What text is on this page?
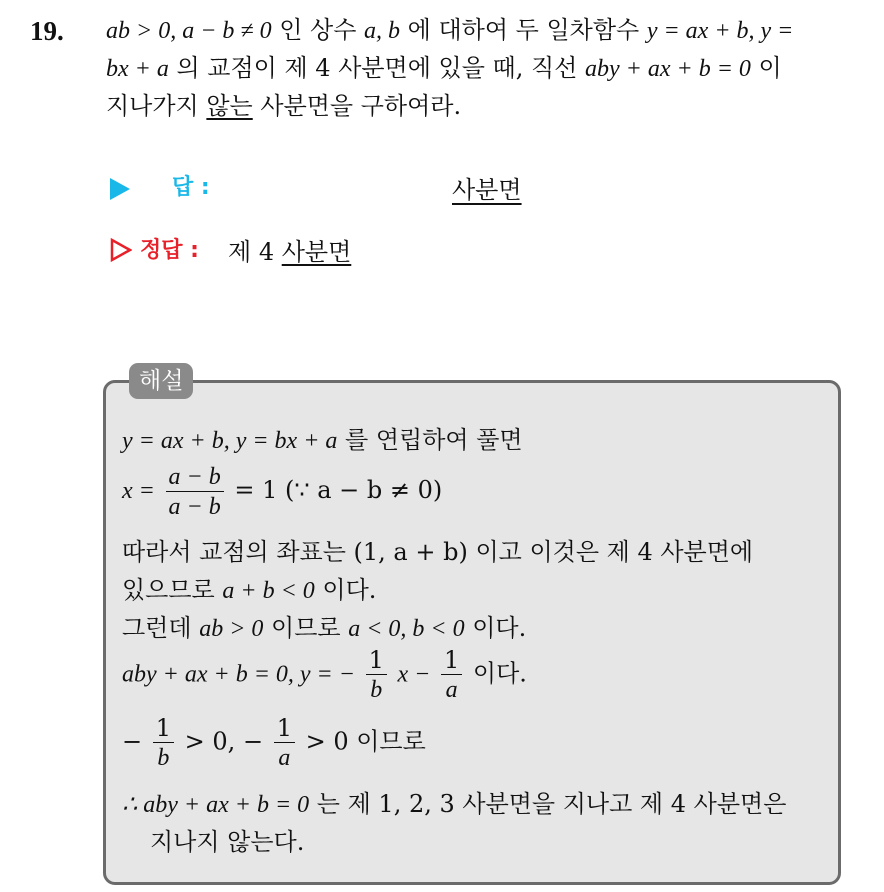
19. ab > 0, a − b ≠ 0 인 상수 a, b 에 대하여 두 일차함수 y = ax + b, y =
bx + a 의 교점이 제 4 사분면에 있을 때, 직선 aby + ax + b = 0 이
지나가지 않는 사분면을 구하여라.
답 :	사분면
정답 : 제 4 사분면
해설
y = ax + b, y = bx + a 를 연립하여 풀면
$x = \frac{a - b}{a - b} = 1$ (∵ a − b ≠ 0)
따라서 교점의 좌표는 (1, a + b) 이고 이것은 제 4 사분면에
있으므로 a + b < 0 이다.
그런데 ab > 0 이므로 a < 0, b < 0 이다.
aby + ax + b = 0, y = − $\frac{1}{b}$ $x - \frac{1}{a}$ 이다.
− $\frac{1}{b} > 0$, − $\frac{1}{a} > 0$ 이므로
∴ aby + ax + b = 0 는 제 1, 2, 3 사분면을 지나고 제 4 사분면은
지나지 않는다.
